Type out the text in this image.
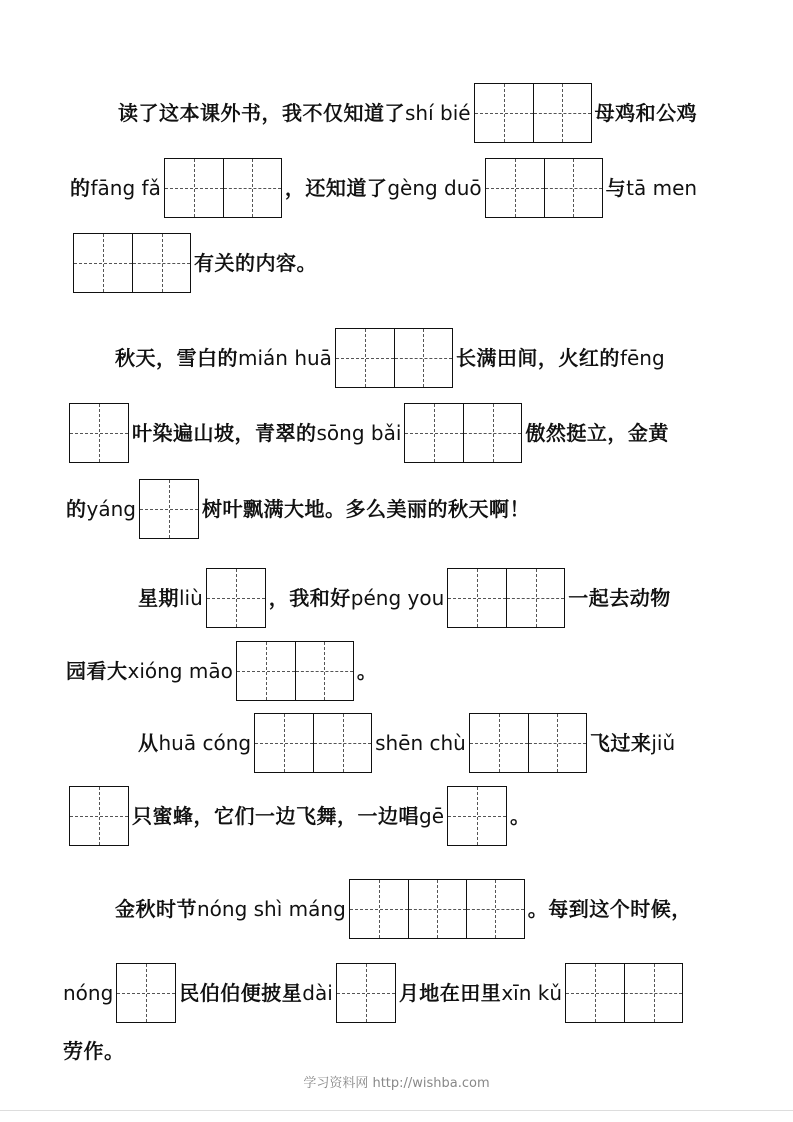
读了这本课外书，我不仅知道了 shí bié	母鸡和公鸡
的 fāng fǎ	，还知道了 gèng duō	与 tā men
有关的内容。
秋天，雪白的 mián huā	长满田间，火红的 fēng
叶染遍山坡，青翠的 sōng bǎi	傲然挺立，金黄
的 yáng	树叶飘满大地。多么美丽的秋天啊！
星期 liù	，我和好 péng you	一起去动物
园看大 xióng māo	。
从 huā cóng	shēn chù	飞过来 jiǔ
只蜜蜂，它们一边飞舞，一边唱 gē	。
金秋时节 nóng shì máng	。每到这个时候，
nóng	民伯伯便披星 dài	月地在田里 xīn kǔ
劳作。
学习资料网 http://wishba.com
